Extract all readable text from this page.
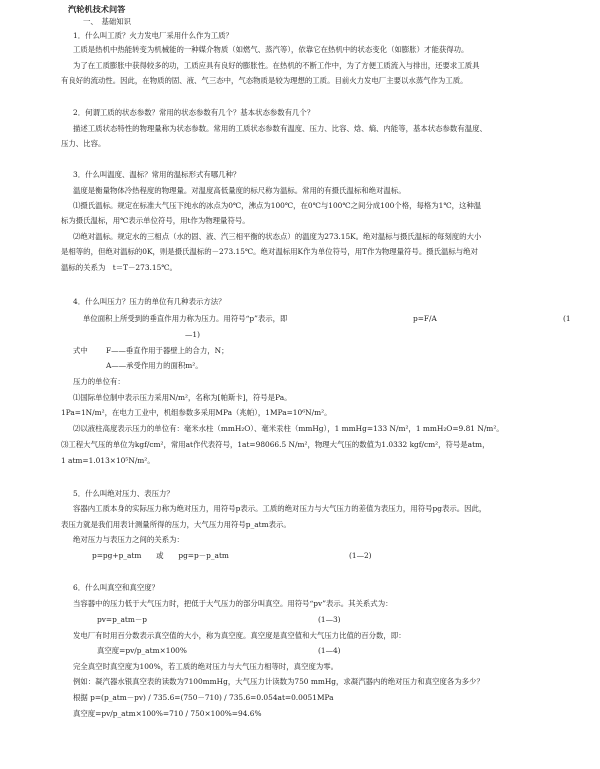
汽轮机技术问答
一、　基础知识
1．什么叫工质？火力发电厂采用什么作为工质？
工质是热机中热能转变为机械能的一种媒介物质（如燃气、蒸汽等），依靠它在热机中的状态变化（如膨胀）才能获得功。
为了在工质膨胀中获得较多的功，工质应具有良好的膨胀性。在热机的不断工作中，为了方便工质流入与排出，还要求工质具
有良好的流动性。因此，在物质的固、液、气三态中，气态物质是较为理想的工质。目前火力发电厂主要以水蒸气作为工质。
2．何谓工质的状态参数？常用的状态参数有几个？基本状态参数有几个？
描述工质状态特性的物理量称为状态参数。常用的工质状态参数有温度、压力、比容、焓、熵、内能等，基本状态参数有温度、
压力、比容。
3．什么叫温度、温标？常用的温标形式有哪几种？
温度是衡量物体冷热程度的物理量。对温度高低量度的标尺称为温标。常用的有摄氏温标和绝对温标。
⑴摄氏温标。规定在标准大气压下纯水的冰点为0℃，沸点为100℃，在0℃与100℃之间分成100个格，每格为1℃，这种温
标为摄氏温标，用℃表示单位符号，用t作为物理量符号。
⑵绝对温标。规定水的三相点（水的固、液、汽三相平衡的状态点）的温度为273.15K。绝对温标与摄氏温标的每刻度的大小
是相等的，但绝对温标的0K，则是摄氏温标的－273.15℃。绝对温标用K作为单位符号，用T作为物理量符号。摄氏温标与绝对
温标的关系为　t＝T－273.15℃。
4．什么叫压力？压力的单位有几种表示方法？
单位面积上所受到的垂直作用力称为压力。用符号“p”表示，即	p=F/A	(1
—1)
式中 F——垂直作用于器壁上的合力，N；
A——承受作用力的面积m²。
压力的单位有：
⑴国际单位制中表示压力采用N/m²，名称为[帕斯卡]，符号是Pa。
1Pa=1N/m²，在电力工业中，机组参数多采用MPa（兆帕），1MPa=10⁶N/m²。
⑵以液柱高度表示压力的单位有：毫米水柱（mmH₂O）、毫米汞柱（mmHg），1 mmHg=133 N/m²，1 mmH₂O=9.81 N/m²。
⑶工程大气压的单位为kgf/cm²，常用at作代表符号，1at=98066.5 N/m²，物理大气压的数值为1.0332 kgf/cm²，符号是atm，
1 atm=1.013×10⁵N/m²。
5．什么叫绝对压力、表压力？
容器内工质本身的实际压力称为绝对压力，用符号p表示。工质的绝对压力与大气压力的差值为表压力，用符号pg表示。因此，
表压力就是我们用表计测量所得的压力，大气压力用符号p_atm表示。
绝对压力与表压力之间的关系为：
p=pg+p_atm　　或　　pg=p－p_atm	(1—2)
6．什么叫真空和真空度？
当容器中的压力低于大气压力时，把低于大气压力的部分叫真空。用符号“pv”表示。其关系式为：
pv=p_atm－p	(1—3)
发电厂有时用百分数表示真空值的大小，称为真空度。真空度是真空值和大气压力比值的百分数，即：
真空度=pv/p_atm×100%	(1—4)
完全真空时真空度为100%，若工质的绝对压力与大气压力相等时，真空度为零。
例如：凝汽器水银真空表的读数为7100mmHg，大气压力计读数为750 mmHg，求凝汽器内的绝对压力和真空度各为多少？
根据 p=(p_atm－pv) / 735.6=(750－710) / 735.6=0.054at=0.0051MPa
真空度=pv/p_atm×100%=710 / 750×100%=94.6%
